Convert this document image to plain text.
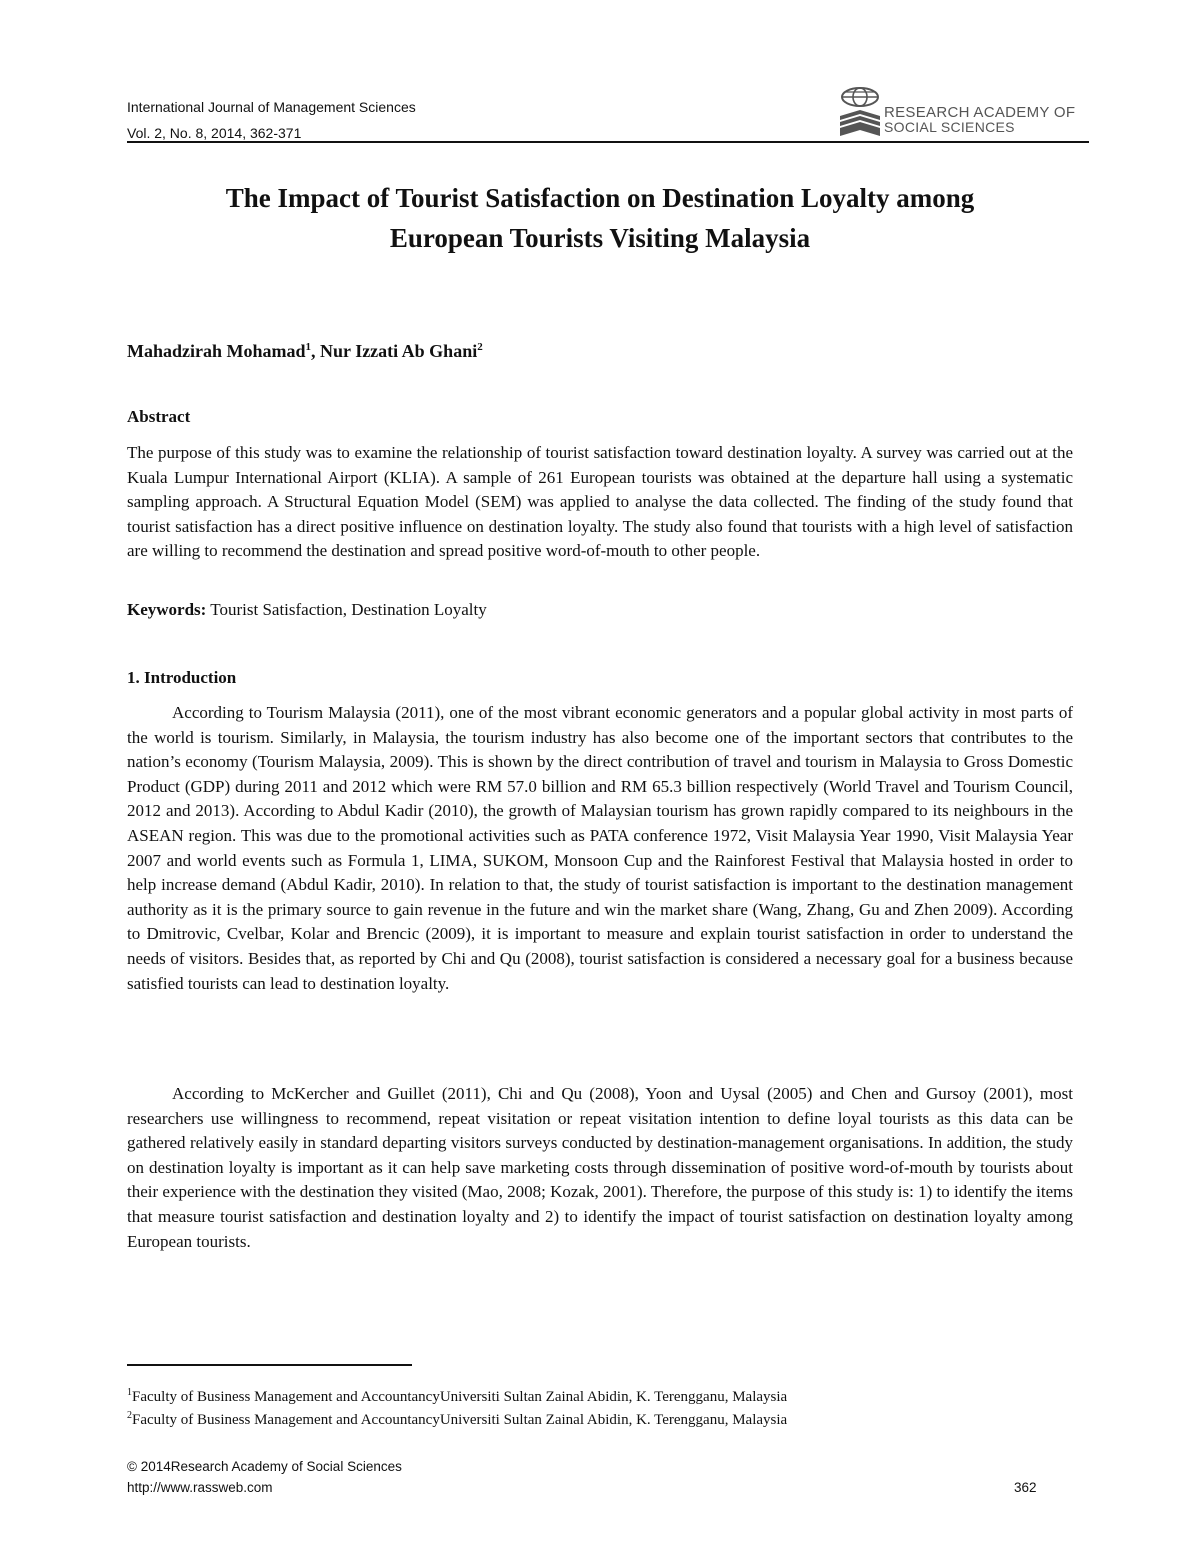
International Journal of Management Sciences
Vol. 2, No. 8, 2014, 362-371
RESEARCH ACADEMY OF
SOCIAL SCIENCES
The Impact of Tourist Satisfaction on Destination Loyalty among
European Tourists Visiting Malaysia
Mahadzirah Mohamad$^1$, Nur Izzati Ab Ghani$^2$
Abstract
The purpose of this study was to examine the relationship of tourist satisfaction toward destination loyalty. A survey was carried out at the Kuala Lumpur International Airport (KLIA). A sample of 261 European tourists was obtained at the departure hall using a systematic sampling approach. A Structural Equation Model (SEM) was applied to analyse the data collected. The finding of the study found that tourist satisfaction has a direct positive influence on destination loyalty. The study also found that tourists with a high level of satisfaction are willing to recommend the destination and spread positive word-of-mouth to other people.
Keywords: Tourist Satisfaction, Destination Loyalty
1. Introduction
According to Tourism Malaysia (2011), one of the most vibrant economic generators and a popular global activity in most parts of the world is tourism. Similarly, in Malaysia, the tourism industry has also become one of the important sectors that contributes to the nation’s economy (Tourism Malaysia, 2009). This is shown by the direct contribution of travel and tourism in Malaysia to Gross Domestic Product (GDP) during 2011 and 2012 which were RM 57.0 billion and RM 65.3 billion respectively (World Travel and Tourism Council, 2012 and 2013). According to Abdul Kadir (2010), the growth of Malaysian tourism has grown rapidly compared to its neighbours in the ASEAN region. This was due to the promotional activities such as PATA conference 1972, Visit Malaysia Year 1990, Visit Malaysia Year 2007 and world events such as Formula 1, LIMA, SUKOM, Monsoon Cup and the Rainforest Festival that Malaysia hosted in order to help increase demand (Abdul Kadir, 2010). In relation to that, the study of tourist satisfaction is important to the destination management authority as it is the primary source to gain revenue in the future and win the market share (Wang, Zhang, Gu and Zhen 2009). According to Dmitrovic, Cvelbar, Kolar and Brencic (2009), it is important to measure and explain tourist satisfaction in order to understand the needs of visitors. Besides that, as reported by Chi and Qu (2008), tourist satisfaction is considered a necessary goal for a business because satisfied tourists can lead to destination loyalty.
According to McKercher and Guillet (2011), Chi and Qu (2008), Yoon and Uysal (2005) and Chen and Gursoy (2001), most researchers use willingness to recommend, repeat visitation or repeat visitation intention to define loyal tourists as this data can be gathered relatively easily in standard departing visitors surveys conducted by destination-management organisations. In addition, the study on destination loyalty is important as it can help save marketing costs through dissemination of positive word-of-mouth by tourists about their experience with the destination they visited (Mao, 2008; Kozak, 2001). Therefore, the purpose of this study is: 1) to identify the items that measure tourist satisfaction and destination loyalty and 2) to identify the impact of tourist satisfaction on destination loyalty among European tourists.
$^1$Faculty of Business Management and AccountancyUniversiti Sultan Zainal Abidin, K. Terengganu, Malaysia
$^2$Faculty of Business Management and AccountancyUniversiti Sultan Zainal Abidin, K. Terengganu, Malaysia
© 2014Research Academy of Social Sciences
http://www.rassweb.com	362
